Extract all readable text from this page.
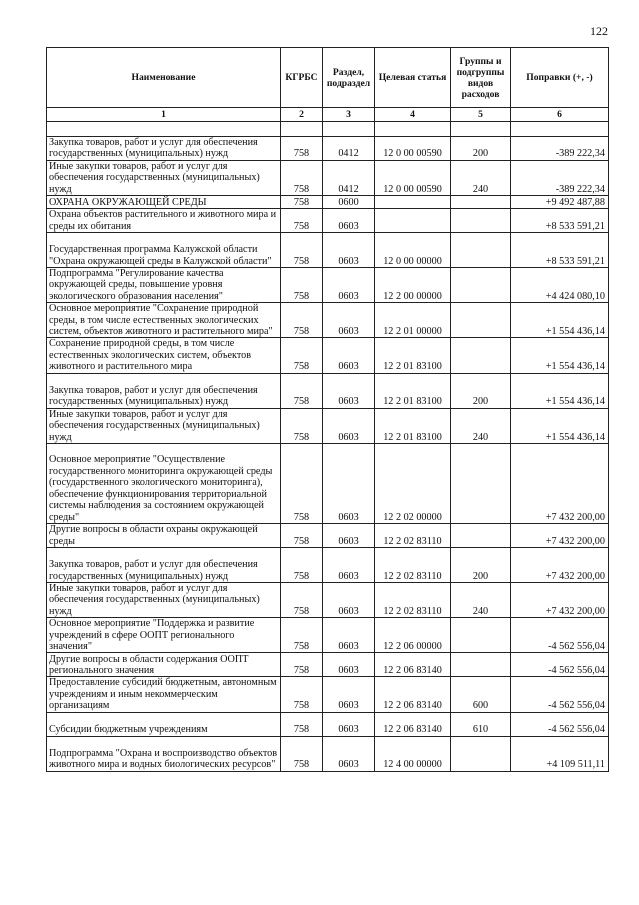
122
Наименование	КГРБС	Раздел, подраздел	Целевая статья	Группы и подгруппы видов расходов	Поправки (+, -)
1	2	3	4	5	6

Закупка товаров, работ и услуг для обеспечения государственных (муниципальных) нужд	758	0412	12 0 00 00590	200	-389 222,34
Иные закупки товаров, работ и услуг для обеспечения государственных (муниципальных) нужд	758	0412	12 0 00 00590	240	-389 222,34
ОХРАНА ОКРУЖАЮЩЕЙ СРЕДЫ	758	0600			+9 492 487,88
Охрана объектов растительного и животного мира и среды их обитания	758	0603			+8 533 591,21
Государственная программа Калужской области "Охрана окружающей среды в Калужской области"	758	0603	12 0 00 00000		+8 533 591,21
Подпрограмма "Регулирование качества окружающей среды, повышение уровня экологического образования населения"	758	0603	12 2 00 00000		+4 424 080,10
Основное мероприятие "Сохранение природной среды, в том числе естественных экологических систем, объектов животного и растительного мира"	758	0603	12 2 01 00000		+1 554 436,14
Сохранение природной среды, в том числе естественных экологических систем, объектов животного и растительного мира	758	0603	12 2 01 83100		+1 554 436,14
Закупка товаров, работ и услуг для обеспечения государственных (муниципальных) нужд	758	0603	12 2 01 83100	200	+1 554 436,14
Иные закупки товаров, работ и услуг для обеспечения государственных (муниципальных) нужд	758	0603	12 2 01 83100	240	+1 554 436,14
Основное мероприятие "Осуществление государственного мониторинга окружающей среды (государственного экологического мониторинга), обеспечение функционирования территориальной системы наблюдения за состоянием окружающей среды"	758	0603	12 2 02 00000		+7 432 200,00
Другие вопросы в области охраны окружающей среды	758	0603	12 2 02 83110		+7 432 200,00
Закупка товаров, работ и услуг для обеспечения государственных (муниципальных) нужд	758	0603	12 2 02 83110	200	+7 432 200,00
Иные закупки товаров, работ и услуг для обеспечения государственных (муниципальных) нужд	758	0603	12 2 02 83110	240	+7 432 200,00
Основное мероприятие "Поддержка и развитие учреждений в сфере ООПТ регионального значения"	758	0603	12 2 06 00000		-4 562 556,04
Другие вопросы в области содержания ООПТ регионального значения	758	0603	12 2 06 83140		-4 562 556,04
Предоставление субсидий бюджетным, автономным учреждениям и иным некоммерческим организациям	758	0603	12 2 06 83140	600	-4 562 556,04
Субсидии бюджетным учреждениям	758	0603	12 2 06 83140	610	-4 562 556,04
Подпрограмма "Охрана и воспроизводство объектов животного мира и водных биологических ресурсов"	758	0603	12 4 00 00000		+4 109 511,11
